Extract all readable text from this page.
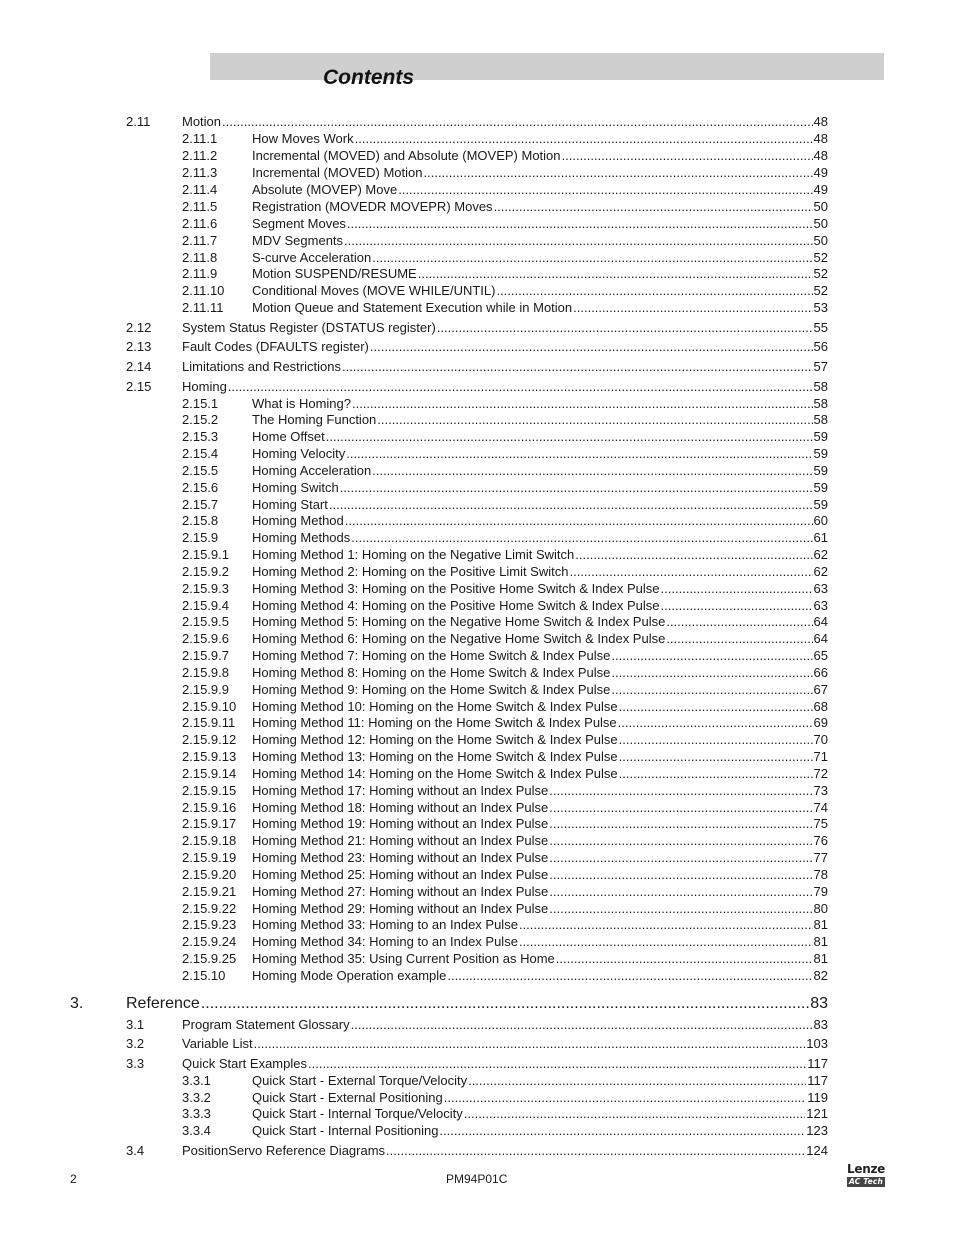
Contents
2.11 Motion .....	48
2.11.1	How Moves Work .....	48
2.11.2	Incremental (MOVED) and Absolute (MOVEP) Motion .....	48
2.11.3	Incremental (MOVED) Motion .....	49
2.11.4	Absolute (MOVEP) Move .....	49
2.11.5	Registration (MOVEDR MOVEPR) Moves .....	50
2.11.6	Segment Moves .....	50
2.11.7	MDV Segments .....	50
2.11.8	S-curve Acceleration .....	52
2.11.9	Motion SUSPEND/RESUME .....	52
2.11.10 Conditional Moves (MOVE WHILE/UNTIL) .....	52
2.11.11 Motion Queue and Statement Execution while in Motion .....	53
2.12 System Status Register (DSTATUS register) .....	55
2.13 Fault Codes (DFAULTS register) .....	56
2.14 Limitations and Restrictions .....	57
2.15 Homing .....	58
2.15.1	What is Homing? .....	58
2.15.2	The Homing Function .....	58
2.15.3	Home Offset .....	59
2.15.4	Homing Velocity .....	59
2.15.5	Homing Acceleration .....	59
2.15.6	Homing Switch .....	59
2.15.7	Homing Start .....	59
2.15.8	Homing Method .....	60
2.15.9	Homing Methods .....	61
2.15.9.1 Homing Method 1: Homing on the Negative Limit Switch .....	62
2.15.9.2 Homing Method 2: Homing on the Positive Limit Switch .....	62
2.15.9.3 Homing Method 3: Homing on the Positive Home Switch & Index Pulse .....	63
2.15.9.4 Homing Method 4: Homing on the Positive Home Switch & Index Pulse .....	63
2.15.9.5 Homing Method 5: Homing on the Negative Home Switch & Index Pulse .....	64
2.15.9.6 Homing Method 6: Homing on the Negative Home Switch & Index Pulse .....	64
2.15.9.7 Homing Method 7: Homing on the Home Switch & Index Pulse .....	65
2.15.9.8 Homing Method 8: Homing on the Home Switch & Index Pulse .....	66
2.15.9.9 Homing Method 9: Homing on the Home Switch & Index Pulse .....	67
2.15.9.10 Homing Method 10: Homing on the Home Switch & Index Pulse .....	68
2.15.9.11 Homing Method 11: Homing on the Home Switch & Index Pulse .....	69
2.15.9.12 Homing Method 12: Homing on the Home Switch & Index Pulse .....	70
2.15.9.13 Homing Method 13: Homing on the Home Switch & Index Pulse .....	71
2.15.9.14 Homing Method 14: Homing on the Home Switch & Index Pulse .....	72
2.15.9.15 Homing Method 17: Homing without an Index Pulse .....	73
2.15.9.16 Homing Method 18: Homing without an Index Pulse .....	74
2.15.9.17 Homing Method 19: Homing without an Index Pulse .....	75
2.15.9.18 Homing Method 21: Homing without an Index Pulse .....	76
2.15.9.19 Homing Method 23: Homing without an Index Pulse .....	77
2.15.9.20 Homing Method 25: Homing without an Index Pulse .....	78
2.15.9.21 Homing Method 27: Homing without an Index Pulse .....	79
2.15.9.22 Homing Method 29: Homing without an Index Pulse .....	80
2.15.9.23 Homing Method 33: Homing to an Index Pulse .....	81
2.15.9.24 Homing Method 34: Homing to an Index Pulse .....	81
2.15.9.25 Homing Method 35: Using Current Position as Home .....	81
2.15.10 Homing Mode Operation example .....	82
3.	Reference .....	83
3.1	Program Statement Glossary .....	83
3.2	Variable List .....	103
3.3	Quick Start Examples .....	117
3.3.1	Quick Start - External Torque/Velocity .....	117
3.3.2	Quick Start - External Positioning .....	119
3.3.3	Quick Start - Internal Torque/Velocity .....	121
3.3.4	Quick Start - Internal Positioning .....	123
3.4	PositionServo Reference Diagrams .....	124
2	PM94P01C
Lenze
AC Tech
